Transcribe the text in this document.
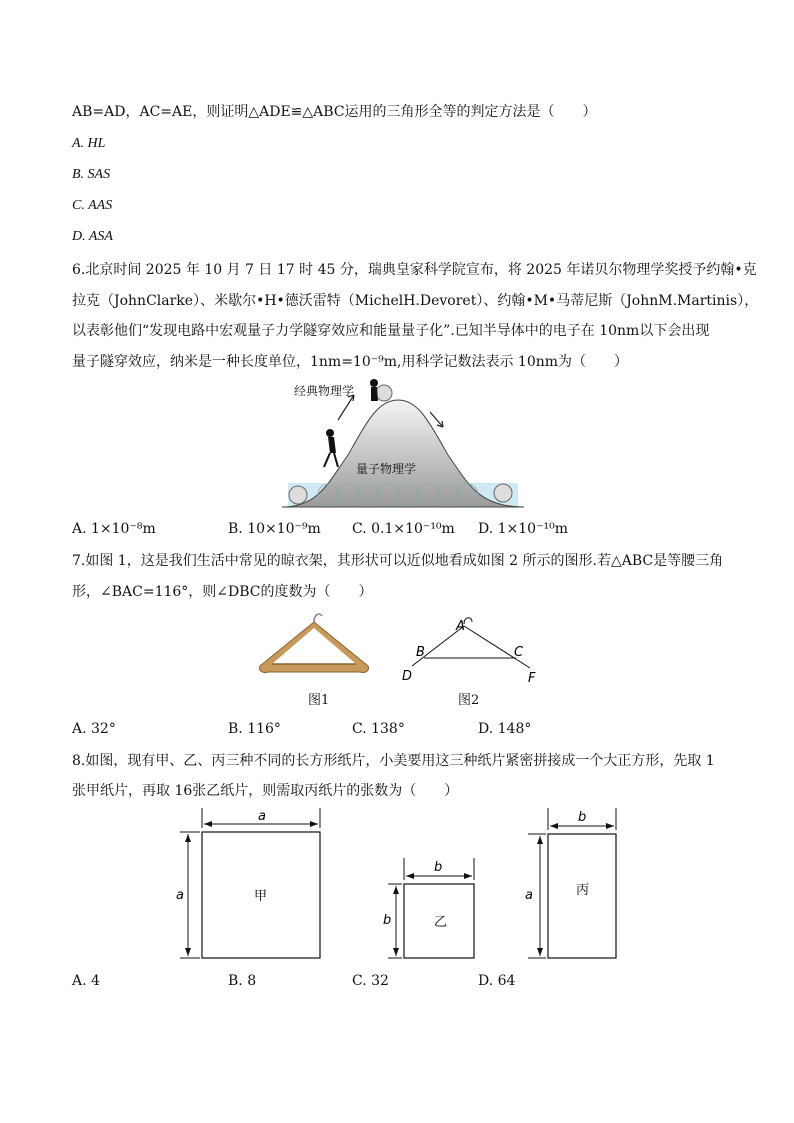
AB=AD，AC=AE，则证明△ADE≌△ABC运用的三角形全等的判定方法是（　　）
A. HL
B. SAS
C. AAS
D. ASA
6.北京时间 2025 年 10 月 7 日 17 时 45 分，瑞典皇家科学院宣布，将 2025 年诺贝尔物理学奖授予约翰•克
拉克（JohnClarke）、米歇尔•H•德沃雷特（MichelH.Devoret）、约翰•M•马蒂尼斯（JohnM.Martinis），
以表彰他们“发现电路中宏观量子力学隧穿效应和能量量子化”.已知半导体中的电子在 10nm以下会出现
量子隧穿效应，纳米是一种长度单位，1nm=10⁻⁹m,用科学记数法表示 10nm为（　　）
经典物理学
量子物理学
A. 1×10⁻⁸m	B. 10×10⁻⁹m C. 0.1×10⁻¹⁰m D. 1×10⁻¹⁰m
7.如图 1，这是我们生活中常见的晾衣架，其形状可以近似地看成如图 2 所示的图形.若△ABC是等腰三角
形，∠BAC=116°，则∠DBC的度数为（　　）
图1
A
B	C
D	F
图2
A. 32°	B. 116°	C. 138°	D. 148°
8.如图，现有甲、乙、丙三种不同的长方形纸片，小美要用这三种纸片紧密拼接成一个大正方形，先取 1
张甲纸片，再取 16张乙纸片，则需取丙纸片的张数为（　　）
a
a	甲
b
b	乙
b
a	丙
A. 4	B. 8	C. 32	D. 64
